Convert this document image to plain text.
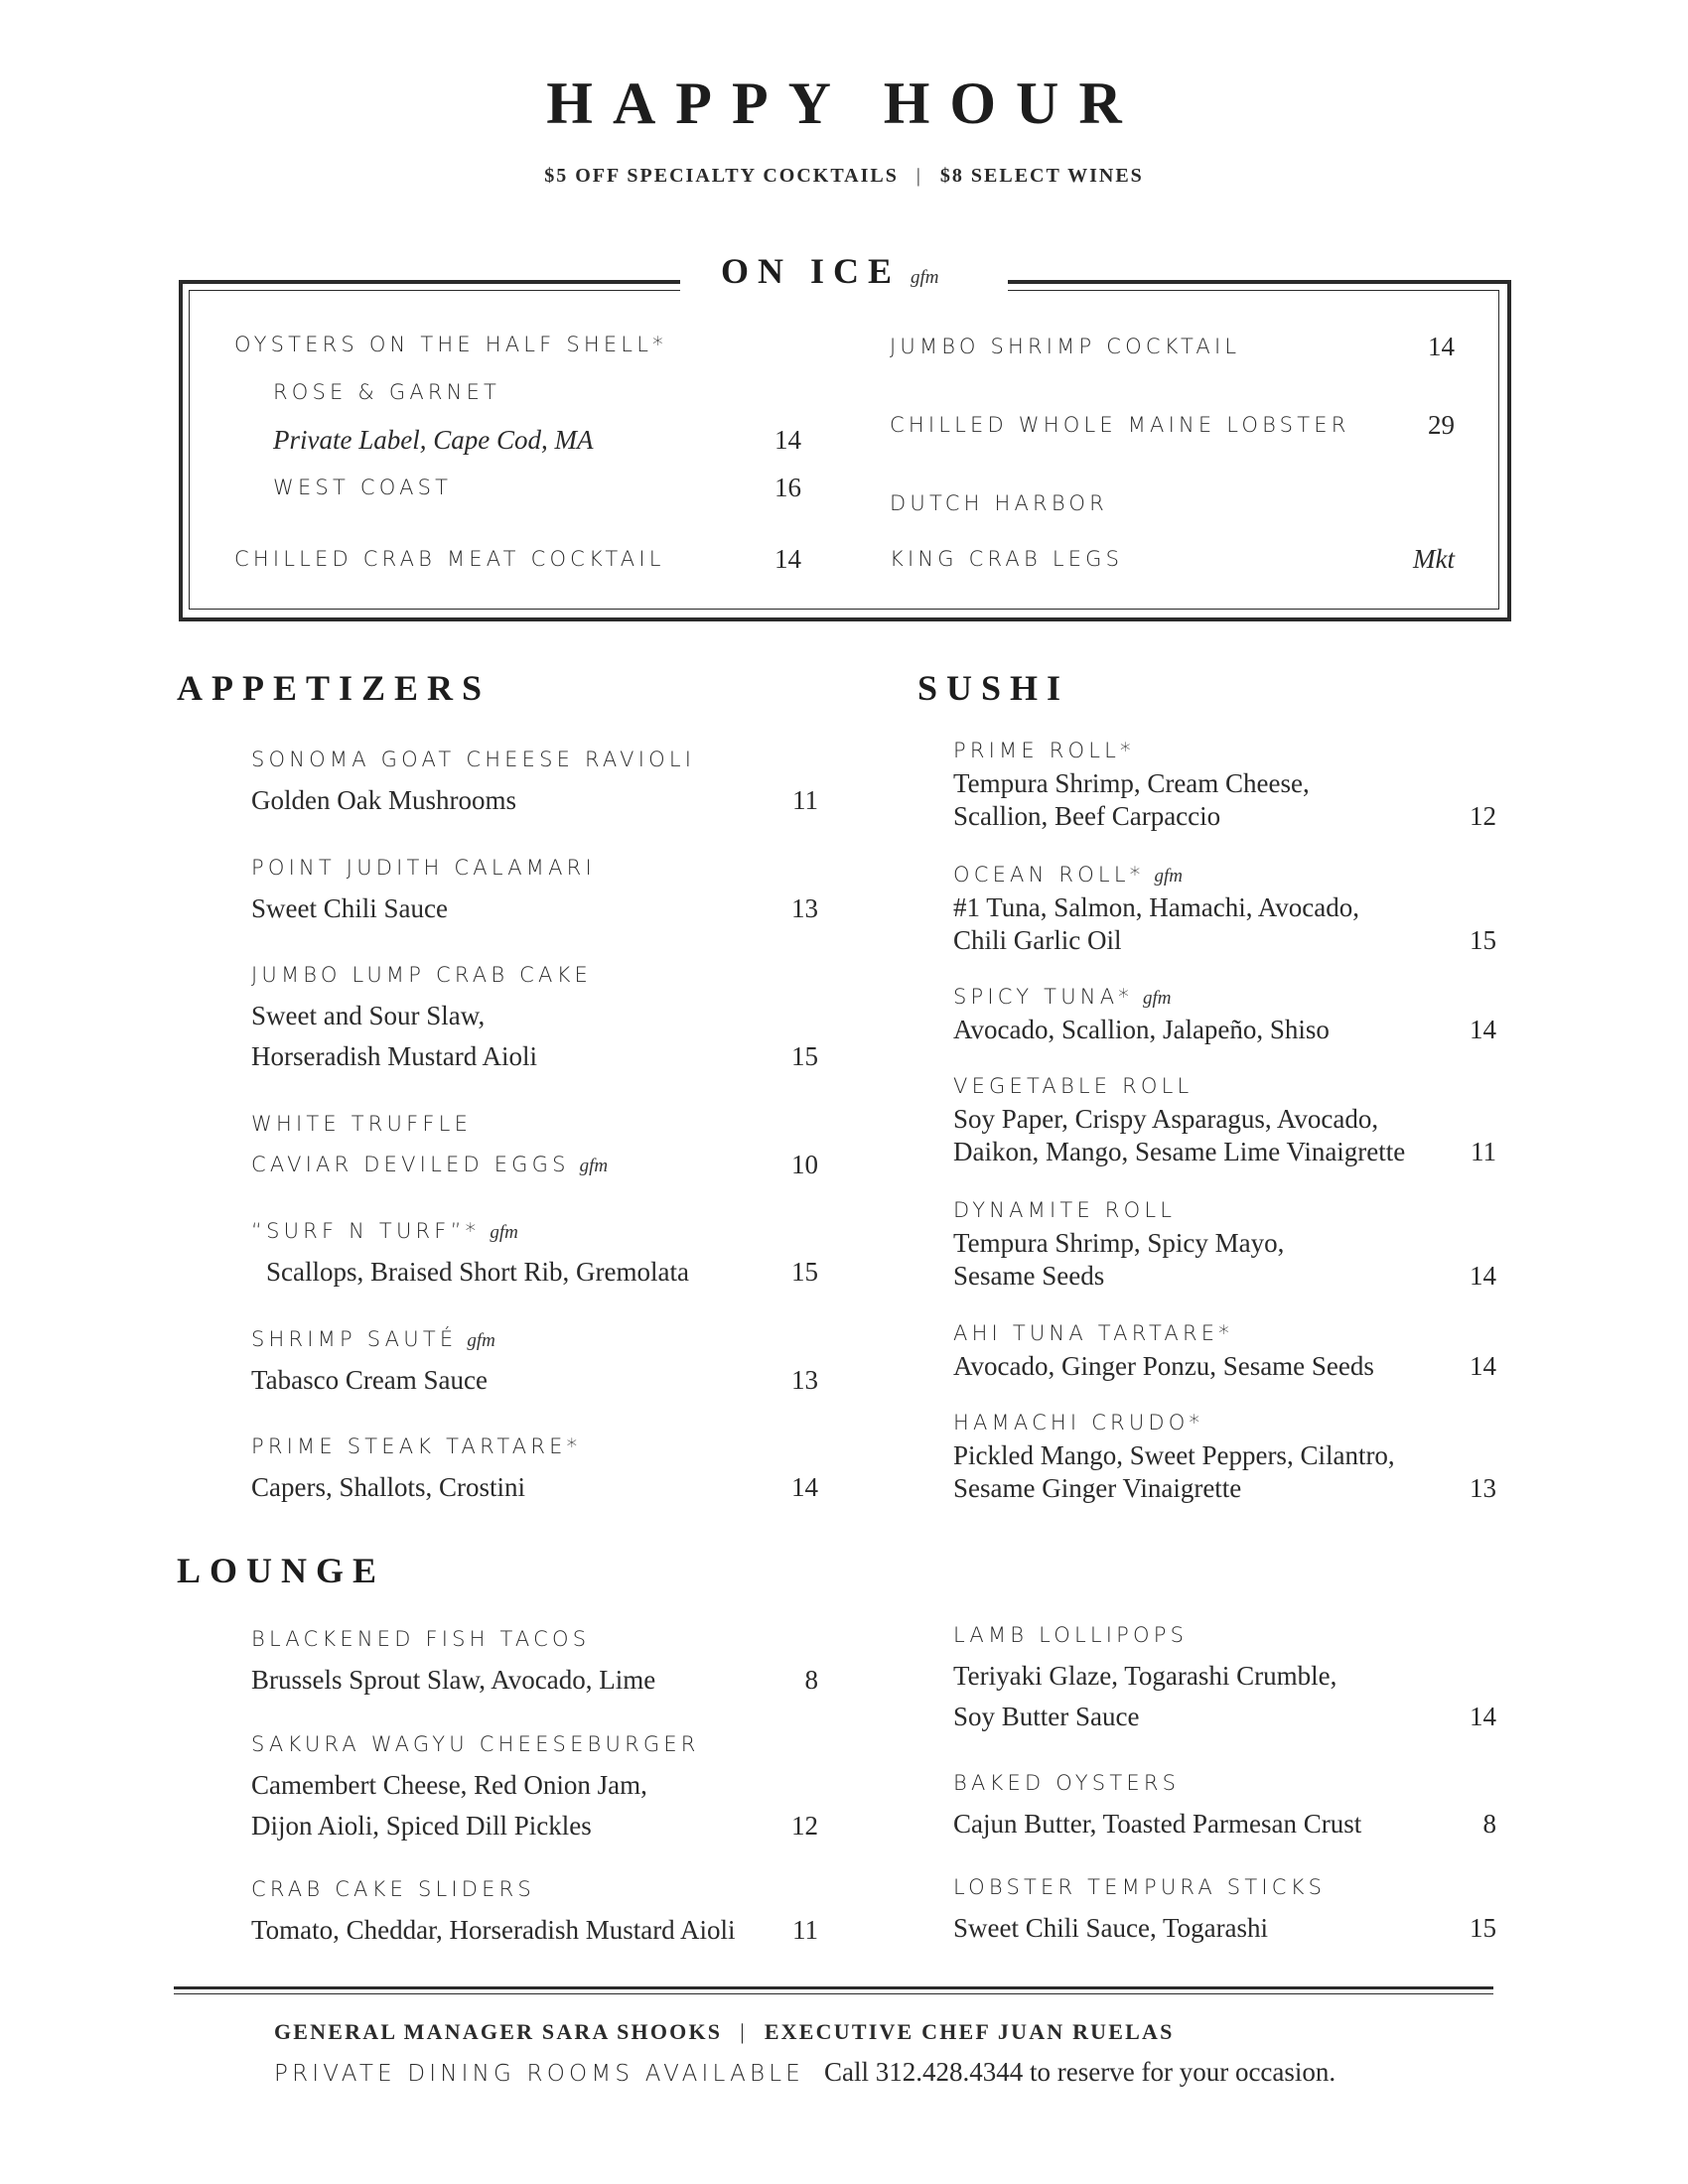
HAPPY HOUR
$5 OFF SPECIALTY COCKTAILS | $8 SELECT WINES
ON ICE gfm
OYSTERS ON THE HALF SHELL*
ROSE & GARNET
Private Label, Cape Cod, MA	14
WEST COAST	16
CHILLED CRAB MEAT COCKTAIL	14
JUMBO SHRIMP COCKTAIL	14
CHILLED WHOLE MAINE LOBSTER	29
DUTCH HARBOR
KING CRAB LEGS	Mkt
APPETIZERS
SONOMA GOAT CHEESE RAVIOLI
Golden Oak Mushrooms	11
POINT JUDITH CALAMARI
Sweet Chili Sauce	13
JUMBO LUMP CRAB CAKE
Sweet and Sour Slaw,
Horseradish Mustard Aioli	15
WHITE TRUFFLE
CAVIAR DEVILED EGGS gfm	10
“SURF N TURF”* gfm
Scallops, Braised Short Rib, Gremolata	15
SHRIMP SAUTÉ gfm
Tabasco Cream Sauce	13
PRIME STEAK TARTARE*
Capers, Shallots, Crostini	14
SUSHI
PRIME ROLL*
Tempura Shrimp, Cream Cheese,
Scallion, Beef Carpaccio	12
OCEAN ROLL* gfm
#1 Tuna, Salmon, Hamachi, Avocado,
Chili Garlic Oil	15
SPICY TUNA* gfm
Avocado, Scallion, Jalapeño, Shiso	14
VEGETABLE ROLL
Soy Paper, Crispy Asparagus, Avocado,
Daikon, Mango, Sesame Lime Vinaigrette 11
DYNAMITE ROLL
Tempura Shrimp, Spicy Mayo,
Sesame Seeds	14
AHI TUNA TARTARE*
Avocado, Ginger Ponzu, Sesame Seeds	14
HAMACHI CRUDO*
Pickled Mango, Sweet Peppers, Cilantro,
Sesame Ginger Vinaigrette	13
LOUNGE
BLACKENED FISH TACOS
Brussels Sprout Slaw, Avocado, Lime	8
SAKURA WAGYU CHEESEBURGER
Camembert Cheese, Red Onion Jam,
Dijon Aioli, Spiced Dill Pickles	12
CRAB CAKE SLIDERS
Tomato, Cheddar, Horseradish Mustard Aioli 11
LAMB LOLLIPOPS
Teriyaki Glaze, Togarashi Crumble,
Soy Butter Sauce	14
BAKED OYSTERS
Cajun Butter, Toasted Parmesan Crust	8
LOBSTER TEMPURA STICKS
Sweet Chili Sauce, Togarashi	15
GENERAL MANAGER SARA SHOOKS | EXECUTIVE CHEF JUAN RUELAS
PRIVATE DINING ROOMS AVAILABLE Call 312.428.4344 to reserve for your occasion.
